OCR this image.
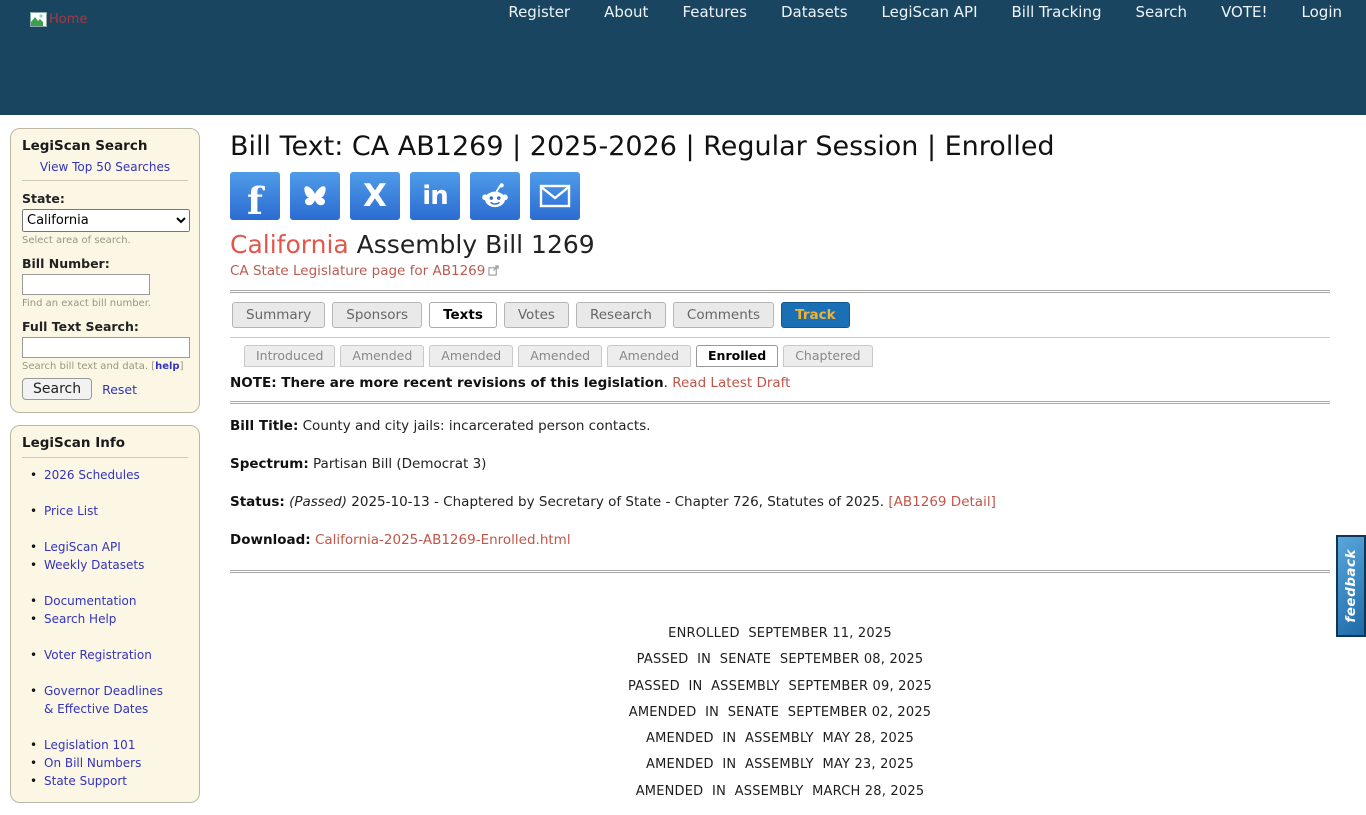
Register About Features Datasets LegiScan API Bill Tracking Search VOTE! Login
Home
LegiScan Search
View Top 50 Searches
State:
California
Select area of search.
Bill Number:
Find an exact bill number.
Full Text Search:
Search bill text and data. [help]
Search	Reset
LegiScan Info
• 2026 Schedules
• Price List
• LegiScan API
• Weekly Datasets
• Documentation
• Search Help
• Voter Registration
• Governor Deadlines & Effective Dates
• Legislation 101
• On Bill Numbers
• State Support
Bill Text: CA AB1269 | 2025-2026 | Regular Session | Enrolled
f	X in
California Assembly Bill 1269
CA State Legislature page for AB1269
Summary	Sponsors	Texts	Votes	Research	Comments	Track
Introduced	Amended	Amended	Amended	Amended	Enrolled	Chaptered
NOTE: There are more recent revisions of this legislation. Read Latest Draft
Bill Title: County and city jails: incarcerated person contacts.
Spectrum: Partisan Bill (Democrat 3)
Status: (Passed) 2025-10-13 - Chaptered by Secretary of State - Chapter 726, Statutes of 2025. [AB1269 Detail]
Download: California-2025-AB1269-Enrolled.html
ENROLLED  SEPTEMBER 11, 2025
PASSED  IN  SENATE  SEPTEMBER 08, 2025
PASSED  IN  ASSEMBLY  SEPTEMBER 09, 2025
AMENDED  IN  SENATE  SEPTEMBER 02, 2025
AMENDED  IN  ASSEMBLY  MAY 28, 2025
AMENDED  IN  ASSEMBLY  MAY 23, 2025
AMENDED  IN  ASSEMBLY  MARCH 28, 2025
feedback
